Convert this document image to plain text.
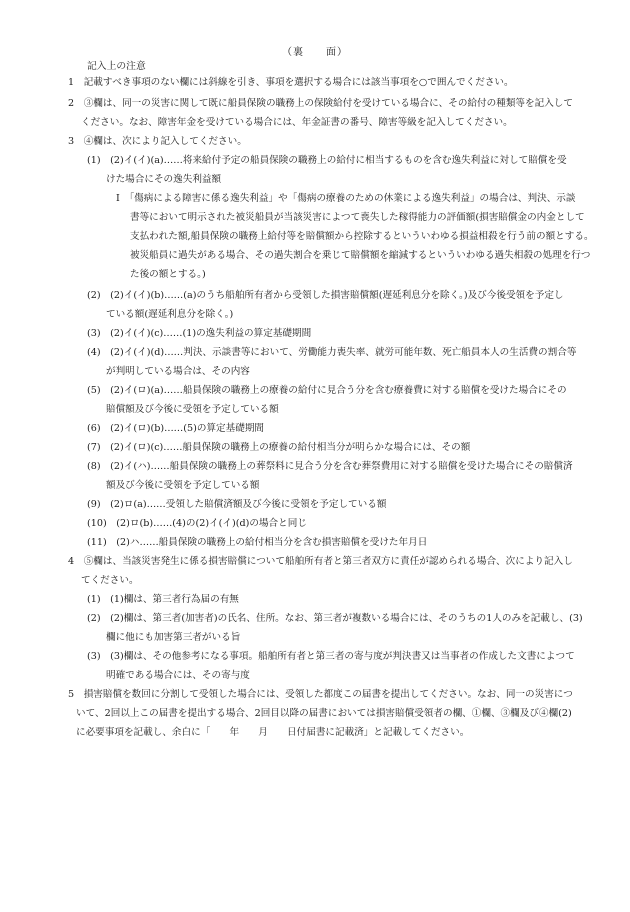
（裏　　面）
記入上の注意
1　記載すべき事項のない欄には斜線を引き、事項を選択する場合には該当事項を○で囲んでください。
2　③欄は、同一の災害に関して既に船員保険の職務上の保険給付を受けている場合に、その給付の種類等を記入して
ください。なお、障害年金を受けている場合には、年金証書の番号、障害等級を記入してください。
3　④欄は、次により記入してください。
(1)　(2)イ(イ)(a)……将来給付予定の船員保険の職務上の給付に相当するものを含む逸失利益に対して賠償を受
けた場合にその逸失利益額
Ⅰ　「傷病による障害に係る逸失利益」や「傷病の療養のための休業による逸失利益」の場合は、判決、示談
書等において明示された被災船員が当該災害によつて喪失した稼得能力の評価額(損害賠償金の内金として
支払われた額,船員保険の職務上給付等を賠償額から控除するといういわゆる損益相殺を行う前の額とする。
被災船員に過失がある場合、その過失割合を乗じて賠償額を縮減するといういわゆる過失相殺の処理を行つ
た後の額とする。)
(2)　(2)イ(イ)(b)……(a)のうち船舶所有者から受領した損害賠償額(遅延利息分を除く。)及び今後受領を予定し
ている額(遅延利息分を除く。)
(3)　(2)イ(イ)(c)……(1)の逸失利益の算定基礎期間
(4)　(2)イ(イ)(d)……判決、示談書等において、労働能力喪失率、就労可能年数、死亡船員本人の生活費の割合等
が判明している場合は、その内容
(5)　(2)イ(ロ)(a)……船員保険の職務上の療養の給付に見合う分を含む療養費に対する賠償を受けた場合にその
賠償額及び今後に受領を予定している額
(6)　(2)イ(ロ)(b)……(5)の算定基礎期間
(7)　(2)イ(ロ)(c)……船員保険の職務上の療養の給付相当分が明らかな場合には、その額
(8)　(2)イ(ハ)……船員保険の職務上の葬祭料に見合う分を含む葬祭費用に対する賠償を受けた場合にその賠償済
額及び今後に受領を予定している額
(9)　(2)ロ(a)……受領した賠償済額及び今後に受領を予定している額
(10)　(2)ロ(b)……(4)の(2)イ(イ)(d)の場合と同じ
(11)　(2)ハ……船員保険の職務上の給付相当分を含む損害賠償を受けた年月日
4　⑤欄は、当該災害発生に係る損害賠償について船舶所有者と第三者双方に責任が認められる場合、次により記入し
てください。
(1)　(1)欄は、第三者行為届の有無
(2)　(2)欄は、第三者(加害者)の氏名、住所。なお、第三者が複数いる場合には、そのうちの1人のみを記載し、(3)
欄に他にも加害第三者がいる旨
(3)　(3)欄は、その他参考になる事項。船舶所有者と第三者の寄与度が判決書又は当事者の作成した文書によつて
明確である場合には、その寄与度
5　損害賠償を数回に分割して受領した場合には、受領した都度この届書を提出してください。なお、同一の災害につ
いて、2回以上この届書を提出する場合、2回目以降の届書においては損害賠償受領者の欄、①欄、③欄及び④欄(2)
に必要事項を記載し、余白に「　　年　　月　　日付届書に記載済」と記載してください。
